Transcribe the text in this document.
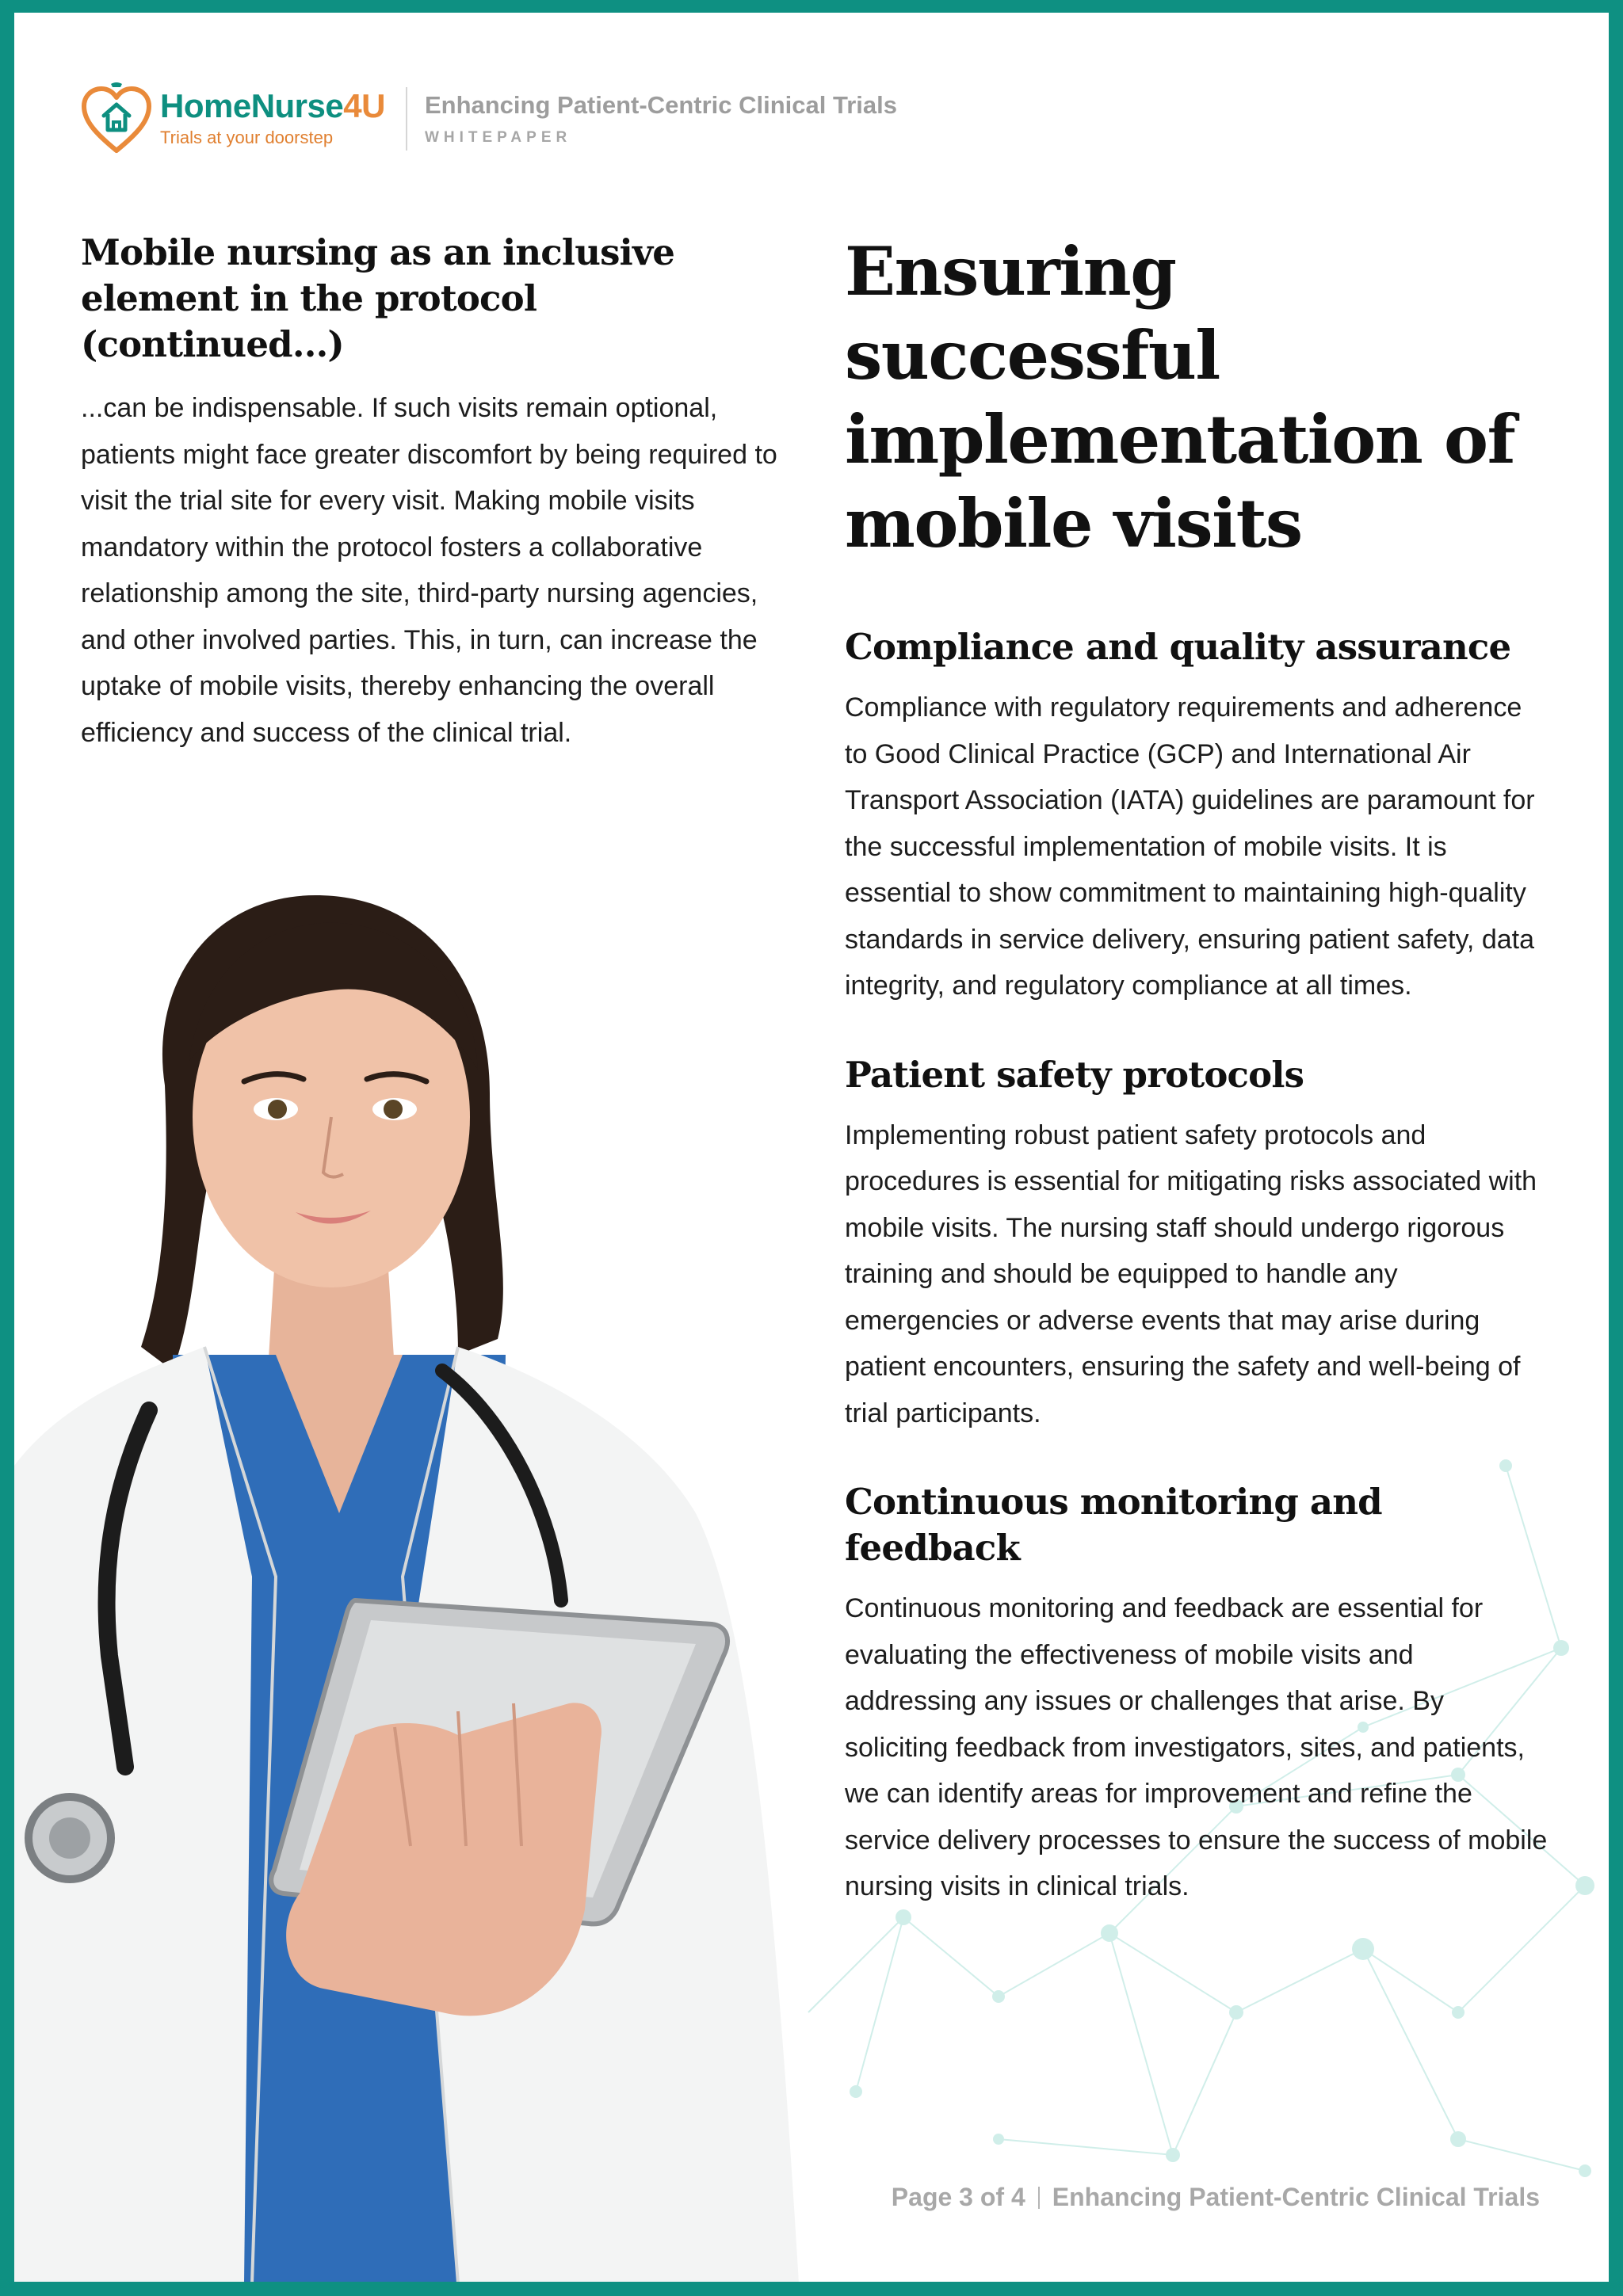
HomeNurse4U
Trials at your doorstep
Enhancing Patient-Centric Clinical Trials
WHITEPAPER
Mobile nursing as an inclusive element in the protocol (continued...)

...can be indispensable. If such visits remain optional, patients might face greater discomfort by being required to visit the trial site for every visit. Making mobile visits mandatory within the protocol fosters a collaborative relationship among the site, third-party nursing agencies, and other involved parties. This, in turn, can increase the uptake of mobile visits, thereby enhancing the overall efficiency and success of the clinical trial.

Ensuring successful implementation of mobile visits
Compliance and quality assurance

Compliance with regulatory requirements and adherence to Good Clinical Practice (GCP) and International Air Transport Association (IATA) guidelines are paramount for the successful implementation of mobile visits. It is essential to show commitment to maintaining high-quality standards in service delivery, ensuring patient safety, data integrity, and regulatory compliance at all times.

Patient safety protocols

Implementing robust patient safety protocols and procedures is essential for mitigating risks associated with mobile visits. The nursing staff should undergo rigorous training and should be equipped to handle any emergencies or adverse events that may arise during patient encounters, ensuring the safety and well-being of trial participants.

Continuous monitoring and feedback

Continuous monitoring and feedback are essential for evaluating the effectiveness of mobile visits and addressing any issues or challenges that arise. By soliciting feedback from investigators, sites, and patients, we can identify areas for improvement and refine the service delivery processes to ensure the success of mobile nursing visits in clinical trials.

Page 3 of 4 Enhancing Patient-Centric Clinical Trials
